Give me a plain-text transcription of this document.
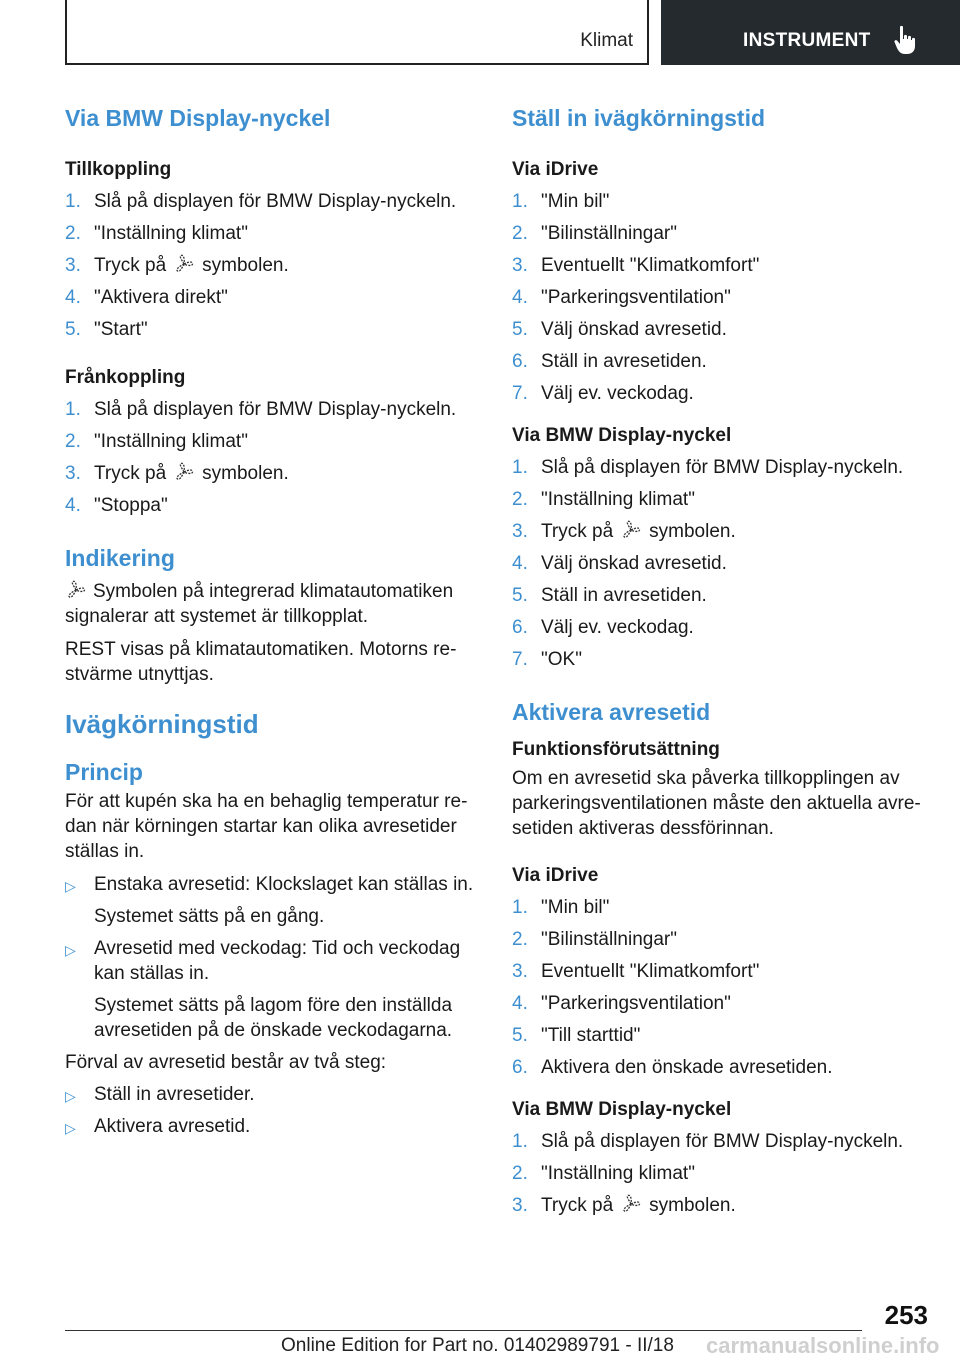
Klimat	INSTRUMENT
Via BMW Display-nyckel
Tillkoppling
1. Slå på displayen för BMW Display-nyckeln.
2. "Inställning klimat"
3. Tryck på symbolen.
4. "Aktivera direkt"
5. "Start"
Frånkoppling
1. Slå på displayen för BMW Display-nyckeln.
2. "Inställning klimat"
3. Tryck på symbolen.
4. "Stoppa"
Indikering

Symbolen på integrerad klimatautomatiken signalerar att systemet är tillkopplat.

REST visas på klimatautomatiken. Motorns re-stvärme utnyttjas.

Ivägkörningstid
Princip

För att kupén ska ha en behaglig temperatur re-dan när körningen startar kan olika avresetider ställas in.

▷ Enstaka avresetid: Klockslaget kan ställas in.
Systemet sätts på en gång.
▷ Avresetid med veckodag: Tid och veckodag kan ställas in.
Systemet sätts på lagom före den inställda avresetiden på de önskade veckodagarna.

Förval av avresetid består av två steg:

▷ Ställ in avresetider.
▷ Aktivera avresetid.
Ställ in ivägkörningstid
Via iDrive
1. "Min bil"
2. "Bilinställningar"
3. Eventuellt "Klimatkomfort"
4. "Parkeringsventilation"
5. Välj önskad avresetid.
6. Ställ in avresetiden.
7. Välj ev. veckodag.
Via BMW Display-nyckel
1. Slå på displayen för BMW Display-nyckeln.
2. "Inställning klimat"
3. Tryck på symbolen.
4. Välj önskad avresetid.
5. Ställ in avresetiden.
6. Välj ev. veckodag.
7. "OK"
Aktivera avresetid
Funktionsförutsättning

Om en avresetid ska påverka tillkopplingen av parkeringsventilationen måste den aktuella avre-setiden aktiveras dessförinnan.

Via iDrive
1. "Min bil"
2. "Bilinställningar"
3. Eventuellt "Klimatkomfort"
4. "Parkeringsventilation"
5. "Till starttid"
6. Aktivera den önskade avresetiden.
Via BMW Display-nyckel
1. Slå på displayen för BMW Display-nyckeln.
2. "Inställning klimat"
3. Tryck på symbolen.
253
Online Edition for Part no. 01402989791 - II/18 carmanualsonline.info
